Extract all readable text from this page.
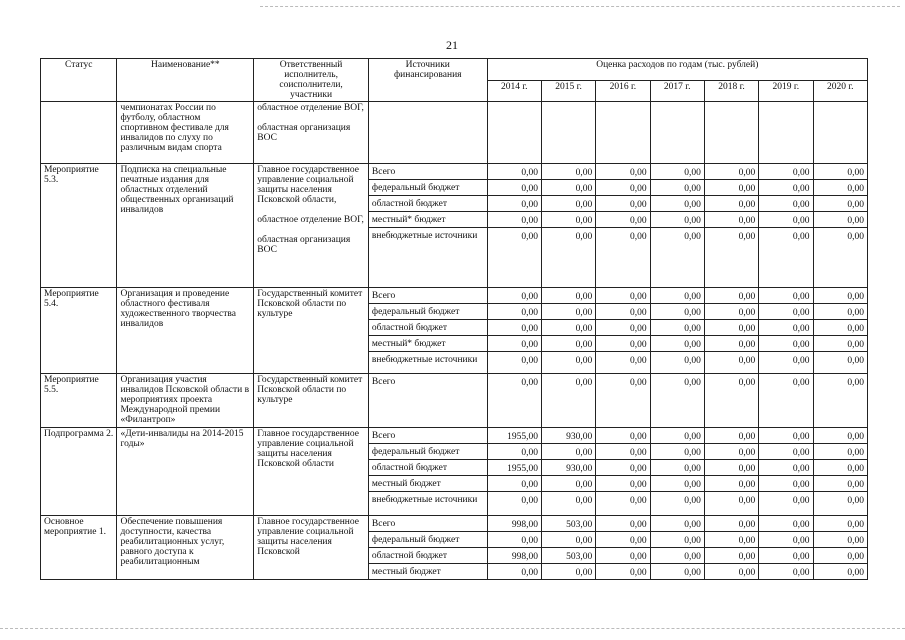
21
Статус	Наименование**	Ответственный исполнитель, соисполнители, участники	Источники финансирования	Оценка расходов по годам (тыс. рублей)						
				2014 г.	2015 г.	2016 г.	2017 г.	2018 г.	2019 г.	2020 г.
	чемпионатах России по футболу, областном спортивном фестивале для инвалидов по слуху по различным видам спорта	областное отделение ВОГ,

областная организация ВОС								
Мероприятие 5.3.	Подписка на специальные печатные издания для областных отделений общественных организаций инвалидов	Главное государственное управление социальной защиты населения Псковской области,

областное отделение ВОГ,

областная организация ВОС	Всего	0,00	0,00	0,00	0,00	0,00	0,00	0,00
			федеральный бюджет	0,00	0,00	0,00	0,00	0,00	0,00	0,00
			областной бюджет	0,00	0,00	0,00	0,00	0,00	0,00	0,00
			местный* бюджет	0,00	0,00	0,00	0,00	0,00	0,00	0,00
			внебюджетные источники	0,00	0,00	0,00	0,00	0,00	0,00	0,00
Мероприятие 5.4.	Организация и проведение областного фестиваля художественного творчества инвалидов	Государственный комитет Псковской области по культуре	Всего	0,00	0,00	0,00	0,00	0,00	0,00	0,00
			федеральный бюджет	0,00	0,00	0,00	0,00	0,00	0,00	0,00
			областной бюджет	0,00	0,00	0,00	0,00	0,00	0,00	0,00
			местный* бюджет	0,00	0,00	0,00	0,00	0,00	0,00	0,00
			внебюджетные источники	0,00	0,00	0,00	0,00	0,00	0,00	0,00
Мероприятие 5.5.	Организация участия инвалидов Псковской области в мероприятиях проекта Международной премии «Филантроп»	Государственный комитет Псковской области по культуре	Всего	0,00	0,00	0,00	0,00	0,00	0,00	0,00
Подпрограмма 2.	«Дети-инвалиды на 2014-2015 годы»	Главное государственное управление социальной защиты населения Псковской области	Всего	1955,00	930,00	0,00	0,00	0,00	0,00	0,00
			федеральный бюджет	0,00	0,00	0,00	0,00	0,00	0,00	0,00
			областной бюджет	1955,00	930,00	0,00	0,00	0,00	0,00	0,00
			местный бюджет	0,00	0,00	0,00	0,00	0,00	0,00	0,00
			внебюджетные источники	0,00	0,00	0,00	0,00	0,00	0,00	0,00
Основное мероприятие 1.	Обеспечение повышения доступности, качества реабилитационных услуг, равного доступа к реабилитационным	Главное государственное управление социальной защиты населения Псковской	Всего	998,00	503,00	0,00	0,00	0,00	0,00	0,00
			федеральный бюджет	0,00	0,00	0,00	0,00	0,00	0,00	0,00
			областной бюджет	998,00	503,00	0,00	0,00	0,00	0,00	0,00
			местный бюджет	0,00	0,00	0,00	0,00	0,00	0,00	0,00
